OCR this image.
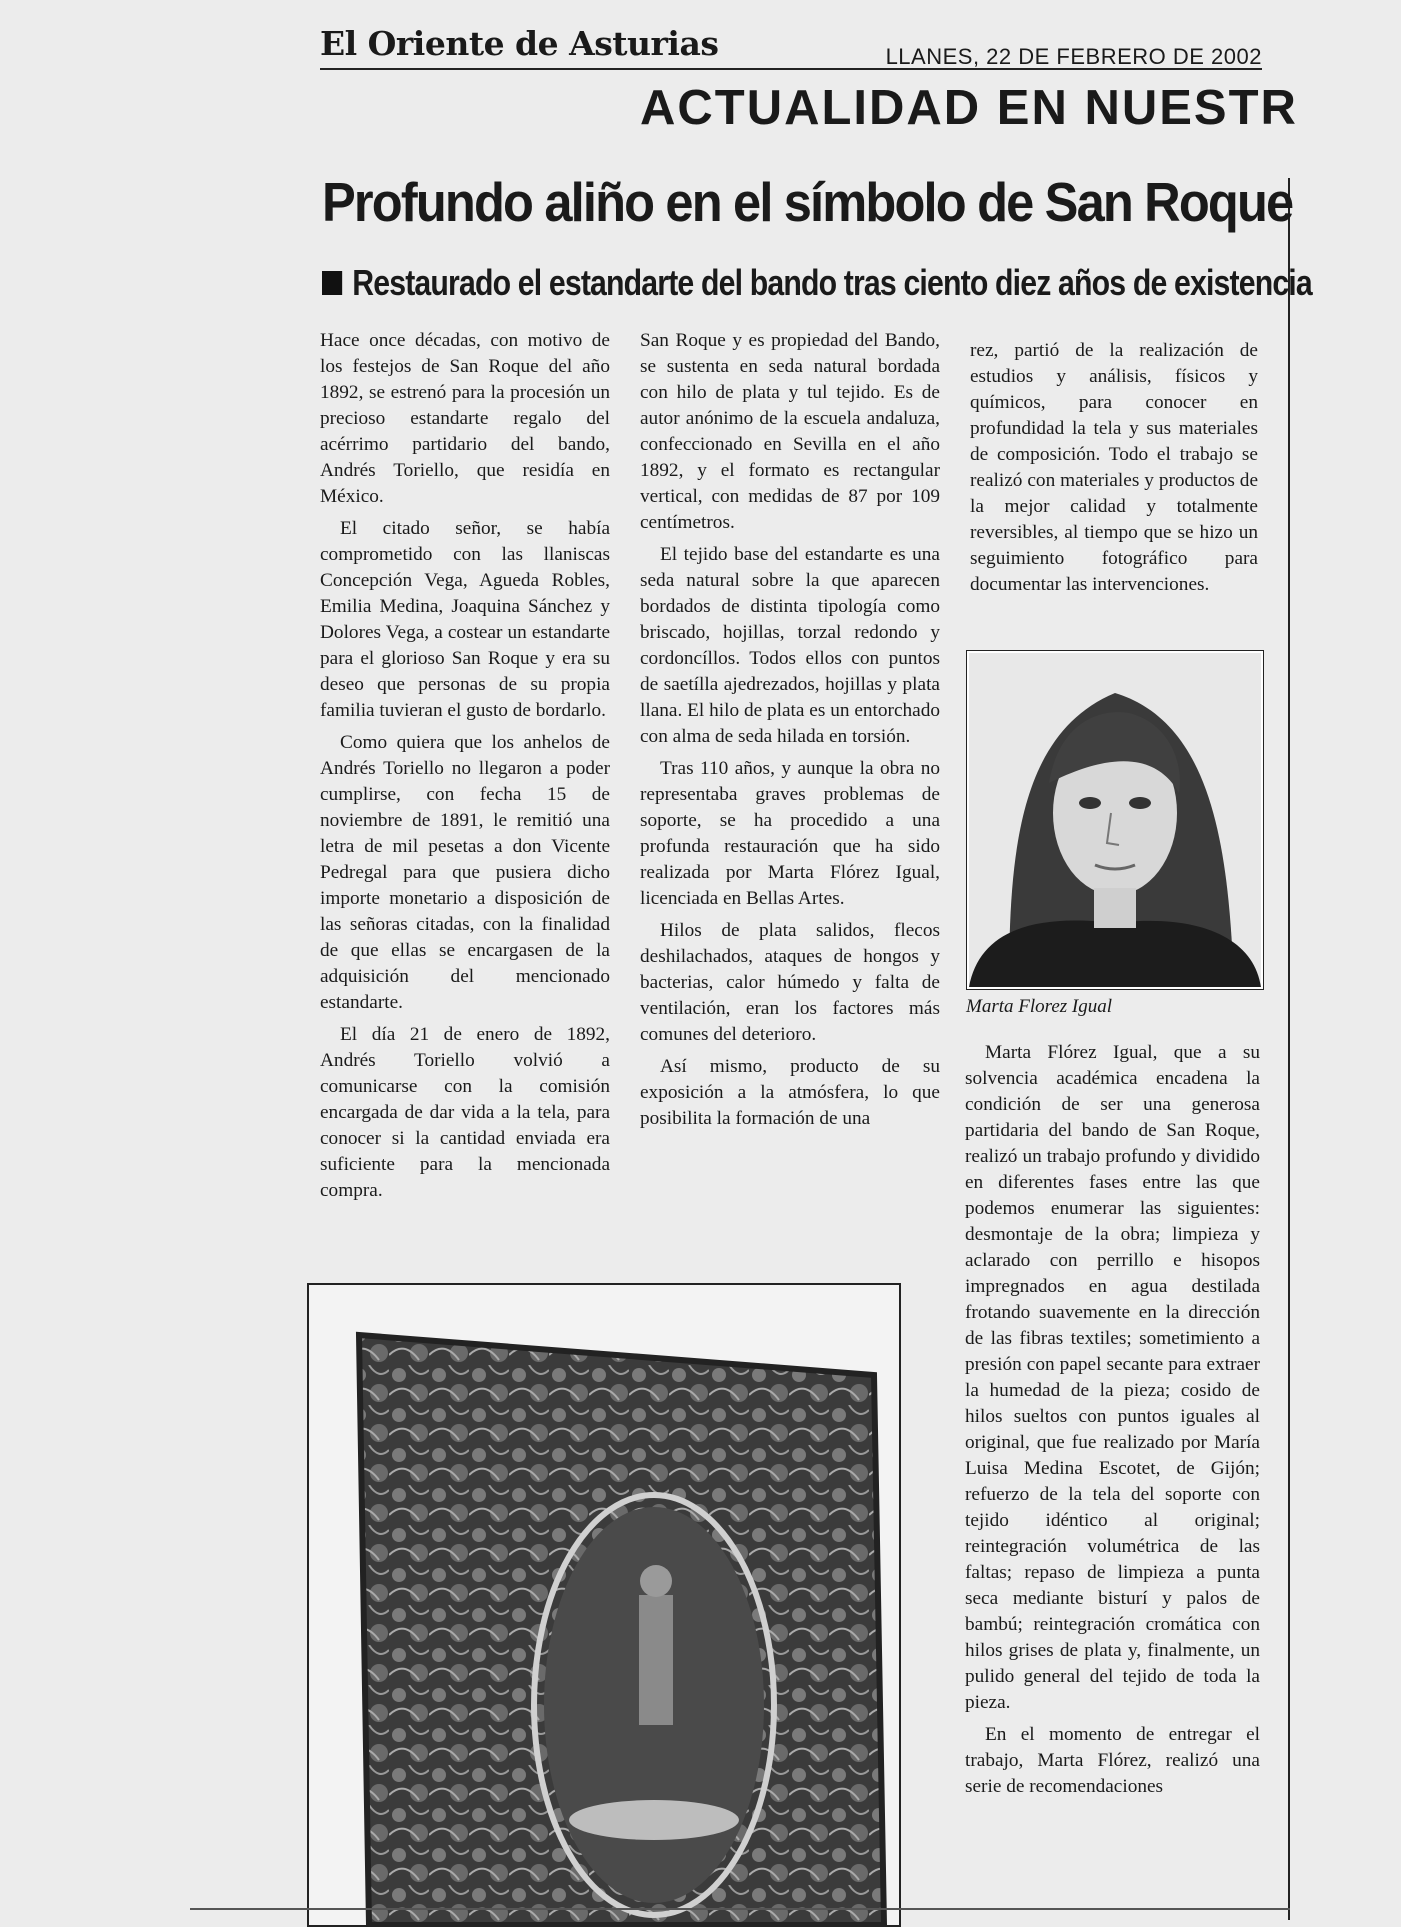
El Oriente de Asturias	LLANES, 22 DE FEBRERO DE 2002
ACTUALIDAD EN NUESTR
Profundo aliño en el símbolo de San Roque
Restaurado el estandarte del bando tras ciento diez años de existencia

Hace once décadas, con motivo de los festejos de San Roque del año 1892, se estrenó para la procesión un precioso estandarte regalo del acérrimo partidario del bando, Andrés Toriello, que residía en México.

El citado señor, se había comprometido con las llaniscas Concepción Vega, Agueda Robles, Emilia Medina, Joaquina Sánchez y Dolores Vega, a costear un estandarte para el glorioso San Roque y era su deseo que personas de su propia familia tuvieran el gusto de bordarlo.

Como quiera que los anhelos de Andrés Toriello no llegaron a poder cumplirse, con fecha 15 de noviembre de 1891, le remitió una letra de mil pesetas a don Vicente Pedregal para que pusiera dicho importe monetario a disposición de las señoras citadas, con la finalidad de que ellas se encargasen de la adquisición del mencionado estandarte.

El día 21 de enero de 1892, Andrés Toriello volvió a comunicarse con la comisión encargada de dar vida a la tela, para conocer si la cantidad enviada era suficiente para la mencionada compra.

San Roque y es propiedad del Bando, se sustenta en seda natural bordada con hilo de plata y tul tejido. Es de autor anónimo de la escuela andaluza, confeccionado en Sevilla en el año 1892, y el formato es rectangular vertical, con medidas de 87 por 109 centímetros.

El tejido base del estandarte es una seda natural sobre la que aparecen bordados de distinta tipología como briscado, hojillas, torzal redondo y cordoncíllos. Todos ellos con puntos de saetílla ajedrezados, hojillas y plata llana. El hilo de plata es un entorchado con alma de seda hilada en torsión.

Tras 110 años, y aunque la obra no representaba graves problemas de soporte, se ha procedido a una profunda restauración que ha sido realizada por Marta Flórez Igual, licenciada en Bellas Artes.

Hilos de plata salidos, flecos deshilachados, ataques de hongos y bacterias, calor húmedo y falta de ventilación, eran los factores más comunes del deterioro.

Así mismo, producto de su exposición a la atmósfera, lo que posibilita la formación de una

rez, partió de la realización de estudios y análisis, físicos y químicos, para conocer en profundidad la tela y sus materiales de composición. Todo el trabajo se realizó con materiales y productos de la mejor calidad y totalmente reversibles, al tiempo que se hizo un seguimiento fotográfico para documentar las intervenciones.

Marta Florez Igual

Marta Flórez Igual, que a su solvencia académica encadena la condición de ser una generosa partidaria del bando de San Roque, realizó un trabajo profundo y dividido en diferentes fases entre las que podemos enumerar las siguientes: desmontaje de la obra; limpieza y aclarado con perrillo e hisopos impregnados en agua destilada frotando suavemente en la dirección de las fibras textiles; sometimiento a presión con papel secante para extraer la humedad de la pieza; cosido de hilos sueltos con puntos iguales al original, que fue realizado por María Luisa Medina Escotet, de Gijón; refuerzo de la tela del soporte con tejido idéntico al original; reintegración volumétrica de las faltas; repaso de limpieza a punta seca mediante bisturí y palos de bambú; reintegración cromática con hilos grises de plata y, finalmente, un pulido general del tejido de toda la pieza.

En el momento de entregar el trabajo, Marta Flórez, realizó una serie de recomendaciones
